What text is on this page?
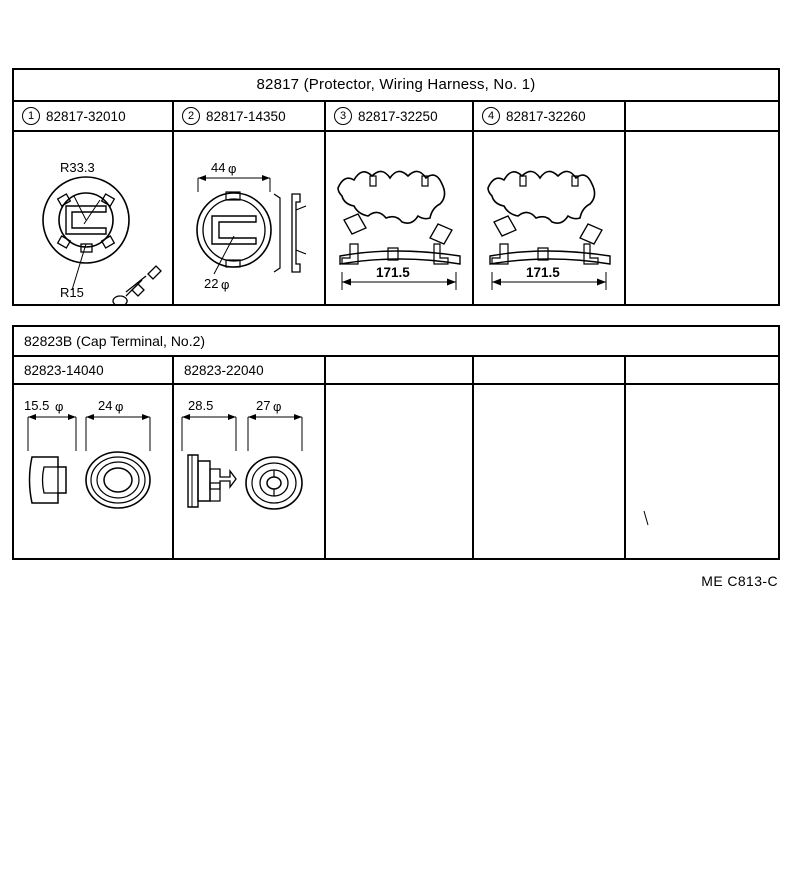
82817 (Protector, Wiring Harness, No. 1)
1 82817-32010	2 82817-14350	3 82817-32250	4 82817-32260
R33.3
R15
44 φ
22 φ
171.5	171.5
82823B (Cap Terminal, No.2)
82823-14040	82823-22040
15.5 φ	24 φ	28.5	27 φ
ME C813-C
